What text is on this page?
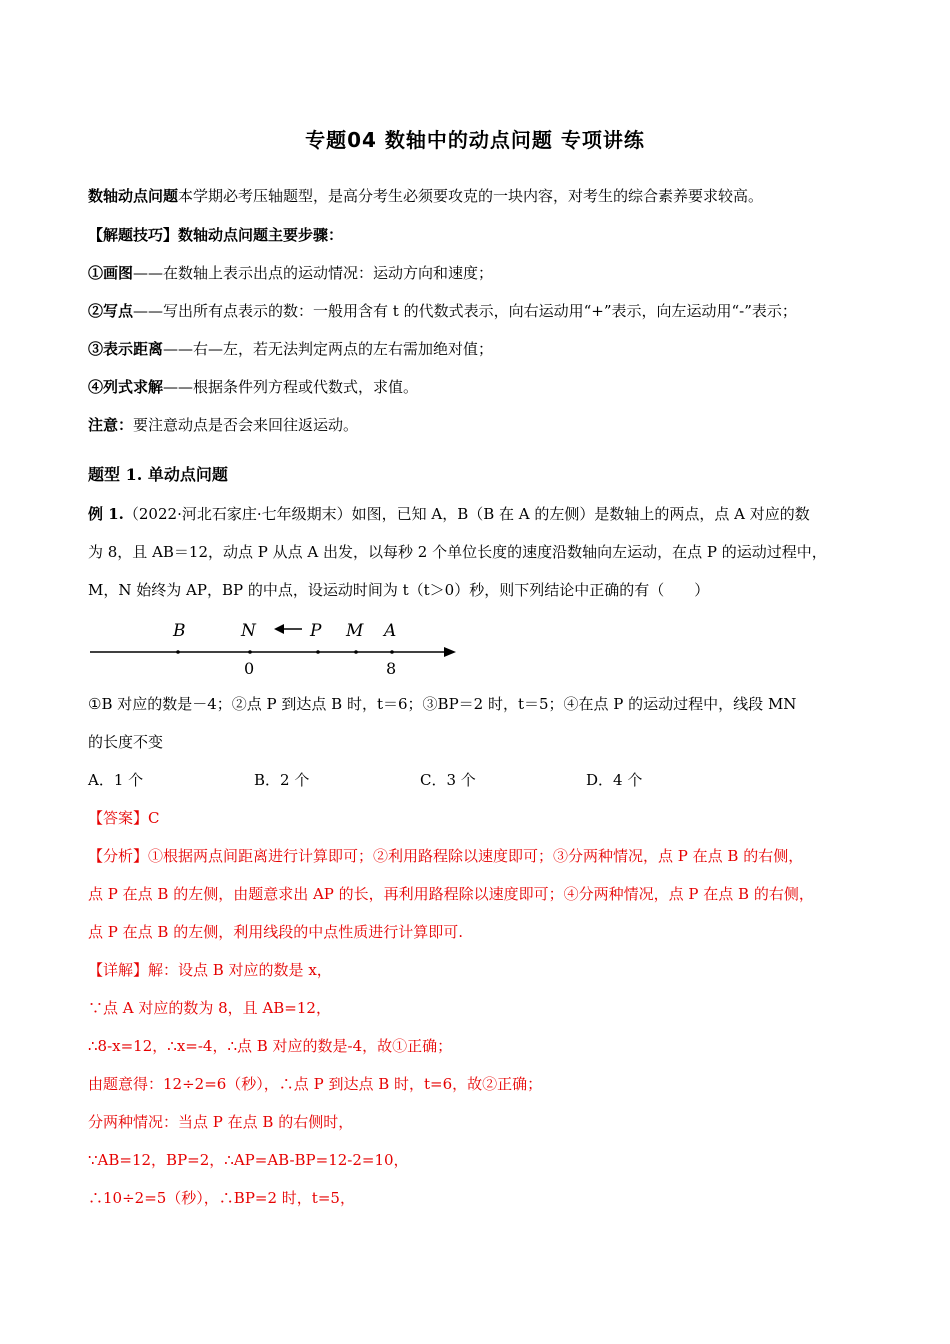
专题04 数轴中的动点问题 专项讲练
数轴动点问题本学期必考压轴题型，是高分考生必须要攻克的一块内容，对考生的综合素养要求较高。
【解题技巧】数轴动点问题主要步骤：
①画图——在数轴上表示出点的运动情况：运动方向和速度；
②写点——写出所有点表示的数：一般用含有 t 的代数式表示，向右运动用“+”表示，向左运动用“-”表示；
③表示距离——右—左，若无法判定两点的左右需加绝对值；
④列式求解——根据条件列方程或代数式，求值。
注意：要注意动点是否会来回往返运动。
题型 1. 单动点问题
例 1.（2022·河北石家庄·七年级期末）如图，已知 A，B（B 在 A 的左侧）是数轴上的两点，点 A 对应的数
为 8，且 AB＝12，动点 P 从点 A 出发，以每秒 2 个单位长度的速度沿数轴向左运动，在点 P 的运动过程中，
M，N 始终为 AP，BP 的中点，设运动时间为 t（t＞0）秒，则下列结论中正确的有（　　）
B	N	P M A
0	8
①B 对应的数是－4；②点 P 到达点 B 时，t＝6；③BP＝2 时，t＝5；④在点 P 的运动过程中，线段 MN
的长度不变
A．1 个	B．2 个	C．3 个	D．4 个
【答案】C
【分析】①根据两点间距离进行计算即可；②利用路程除以速度即可；③分两种情况，点 P 在点 B 的右侧，
点 P 在点 B 的左侧，由题意求出 AP 的长，再利用路程除以速度即可；④分两种情况，点 P 在点 B 的右侧，
点 P 在点 B 的左侧，利用线段的中点性质进行计算即可.
【详解】解：设点 B 对应的数是 x，
∵点 A 对应的数为 8，且 AB=12，
∴8-x=12，∴x=-4，∴点 B 对应的数是-4，故①正确；
由题意得：12÷2=6（秒），∴点 P 到达点 B 时，t=6，故②正确；
分两种情况：当点 P 在点 B 的右侧时，
∵AB=12，BP=2，∴AP=AB-BP=12-2=10，
∴10÷2=5（秒），∴BP=2 时，t=5，
